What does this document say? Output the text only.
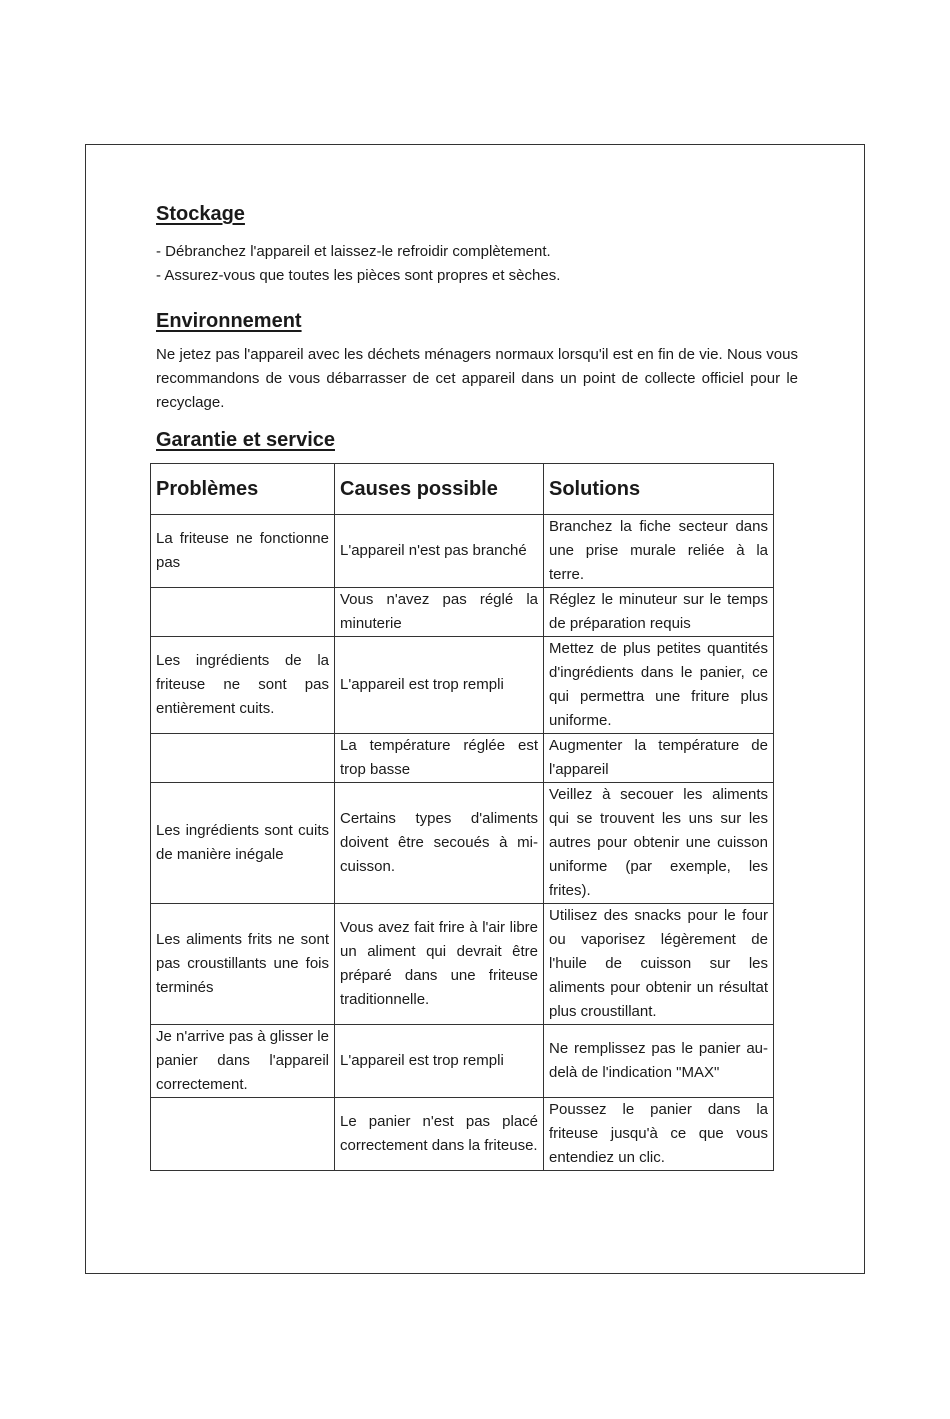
Stockage

- Débranchez l'appareil et laissez-le refroidir complètement.

- Assurez-vous que toutes les pièces sont propres et sèches.

Environnement

Ne jetez pas l'appareil avec les déchets ménagers normaux lorsqu'il est en fin de vie. Nous vous recommandons de vous débarrasser de cet appareil dans un point de collecte officiel pour le recyclage.

Garantie et service
Problèmes	Causes possible	Solutions
La friteuse ne fonctionne pas	L'appareil n'est pas branché	Branchez la fiche secteur dans une prise murale reliée à la terre.
	Vous n'avez pas réglé la minuterie	Réglez le minuteur sur le temps de préparation requis
Les ingrédients de la friteuse ne sont pas entièrement cuits.	L'appareil est trop rempli	Mettez de plus petites quantités d'ingrédients dans le panier, ce qui permettra une friture plus uniforme.
	La température réglée est trop basse	Augmenter la température de l'appareil
Les ingrédients sont cuits de manière inégale	Certains types d'aliments doivent être secoués à mi-cuisson.	Veillez à secouer les aliments qui se trouvent les uns sur les autres pour obtenir une cuisson uniforme (par exemple, les frites).
Les aliments frits ne sont pas croustillants une fois terminés	Vous avez fait frire à l'air libre un aliment qui devrait être préparé dans une friteuse traditionnelle.	Utilisez des snacks pour le four ou vaporisez légèrement de l'huile de cuisson sur les aliments pour obtenir un résultat plus croustillant.
Je n'arrive pas à glisser le panier dans l'appareil correctement.	L'appareil est trop rempli	Ne remplissez pas le panier au-delà de l'indication "MAX"
	Le panier n'est pas placé correctement dans la friteuse.	Poussez le panier dans la friteuse jusqu'à ce que vous entendiez un clic.
